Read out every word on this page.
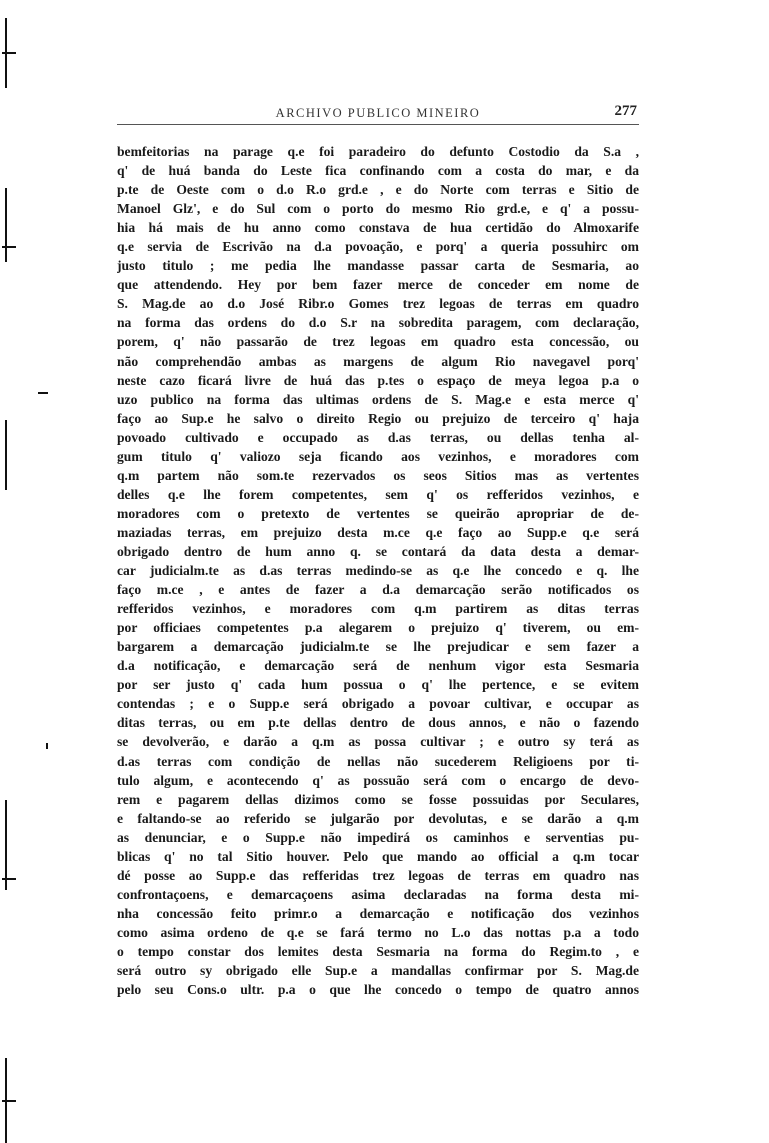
ARCHIVO PUBLICO MINEIRO	277
bemfeitorias na parage q.e foi paradeiro do defunto Costodio da S.a ,
q' de huá banda do Leste fica confinando com a costa do mar, e da
p.te de Oeste com o d.o R.o grd.e , e do Norte com terras e Sitio de
Manoel Glz', e do Sul com o porto do mesmo Rio grd.e, e q' a possu-
hia há mais de hu anno como constava de hua certidão do Almoxarife
q.e servia de Escrivão na d.a povoação, e porq' a queria possuhirc om
justo titulo ; me pedia lhe mandasse passar carta de Sesmaria, ao
que attendendo. Hey por bem fazer merce de conceder em nome de
S. Mag.de ao d.o José Ribr.o Gomes trez legoas de terras em quadro
na forma das ordens do d.o S.r na sobredita paragem, com declaração,
porem, q' não passarão de trez legoas em quadro esta concessão, ou
não comprehendão ambas as margens de algum Rio navegavel porq'
neste cazo ficará livre de huá das p.tes o espaço de meya legoa p.a o
uzo publico na forma das ultimas ordens de S. Mag.e e esta merce q'
faço ao Sup.e he salvo o direito Regio ou prejuizo de terceiro q' haja
povoado cultivado e occupado as d.as terras, ou dellas tenha al-
gum titulo q' valiozo seja ficando aos vezinhos, e moradores com
q.m partem não som.te rezervados os seos Sitios mas as vertentes
delles q.e lhe forem competentes, sem q' os refferidos vezinhos, e
moradores com o pretexto de vertentes se queirão apropriar de de-
maziadas terras, em prejuizo desta m.ce q.e faço ao Supp.e q.e será
obrigado dentro de hum anno q. se contará da data desta a demar-
car judicialm.te as d.as terras medindo-se as q.e lhe concedo e q. lhe
faço m.ce , e antes de fazer a d.a demarcação serão notificados os
refferidos vezinhos, e moradores com q.m partirem as ditas terras
por officiaes competentes p.a alegarem o prejuizo q' tiverem, ou em-
bargarem a demarcação judicialm.te se lhe prejudicar e sem fazer a
d.a notificação, e demarcação será de nenhum vigor esta Sesmaria
por ser justo q' cada hum possua o q' lhe pertence, e se evitem
contendas ; e o Supp.e será obrigado a povoar cultivar, e occupar as
ditas terras, ou em p.te dellas dentro de dous annos, e não o fazendo
se devolverão, e darão a q.m as possa cultivar ; e outro sy terá as
d.as terras com condição de nellas não sucederem Religioens por ti-
tulo algum, e acontecendo q' as possuão será com o encargo de devo-
rem e pagarem dellas dizimos como se fosse possuidas por Seculares,
e faltando-se ao referido se julgarão por devolutas, e se darão a q.m
as denunciar, e o Supp.e não impedirá os caminhos e serventias pu-
blicas q' no tal Sitio houver. Pelo que mando ao official a q.m tocar
dé posse ao Supp.e das refferidas trez legoas de terras em quadro nas
confrontaçoens, e demarcaçoens asima declaradas na forma desta mi-
nha concessão feito primr.o a demarcação e notificação dos vezinhos
como asima ordeno de q.e se fará termo no L.o das nottas p.a a todo
o tempo constar dos lemites desta Sesmaria na forma do Regim.to , e
será outro sy obrigado elle Sup.e a mandallas confirmar por S. Mag.de
pelo seu Cons.o ultr. p.a o que lhe concedo o tempo de quatro annos
